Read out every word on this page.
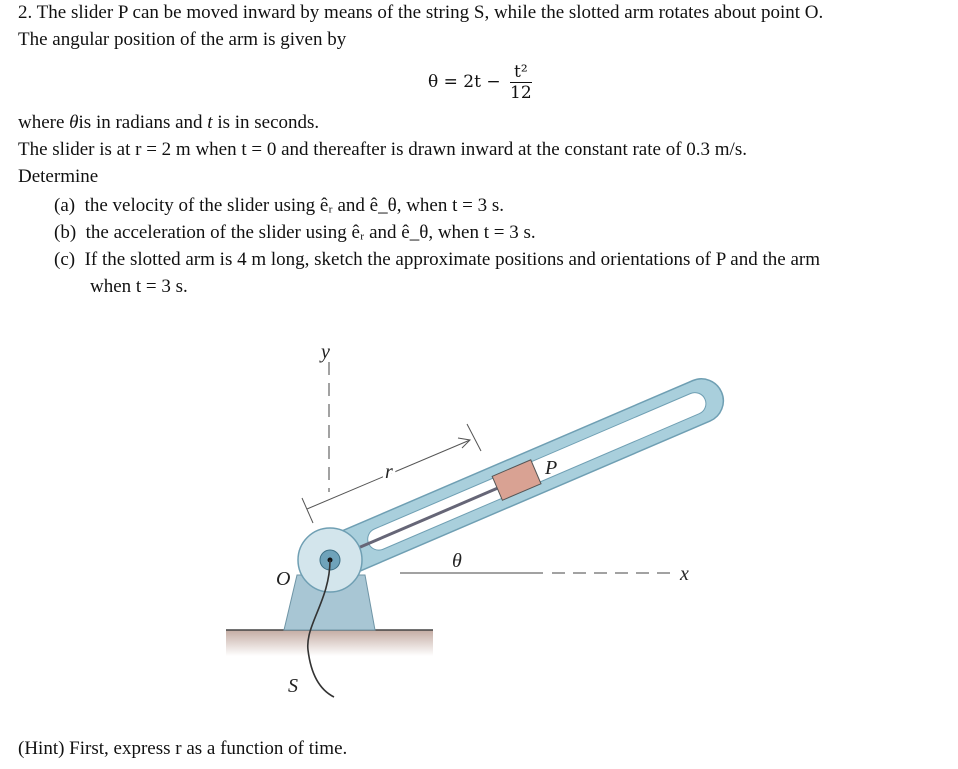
2. The slider P can be moved inward by means of the string S, while the slotted arm rotates about point O.
The angular position of the arm is given by
$\theta = 2t - \frac{\text{t²}}{12}$
where θis in radians and t is in seconds.
The slider is at r = 2 m when t = 0 and thereafter is drawn inward at the constant rate of 0.3 m/s.
Determine
(a) the velocity of the slider using êᵣ and ê_θ, when t = 3 s.
(b) the acceleration of the slider using êᵣ and ê_θ, when t = 3 s.
(c) If the slotted arm is 4 m long, sketch the approximate positions and orientations of P and the arm
when t = 3 s.
y
x
r	P
O
S
θ
(Hint) First, express r as a function of time.
